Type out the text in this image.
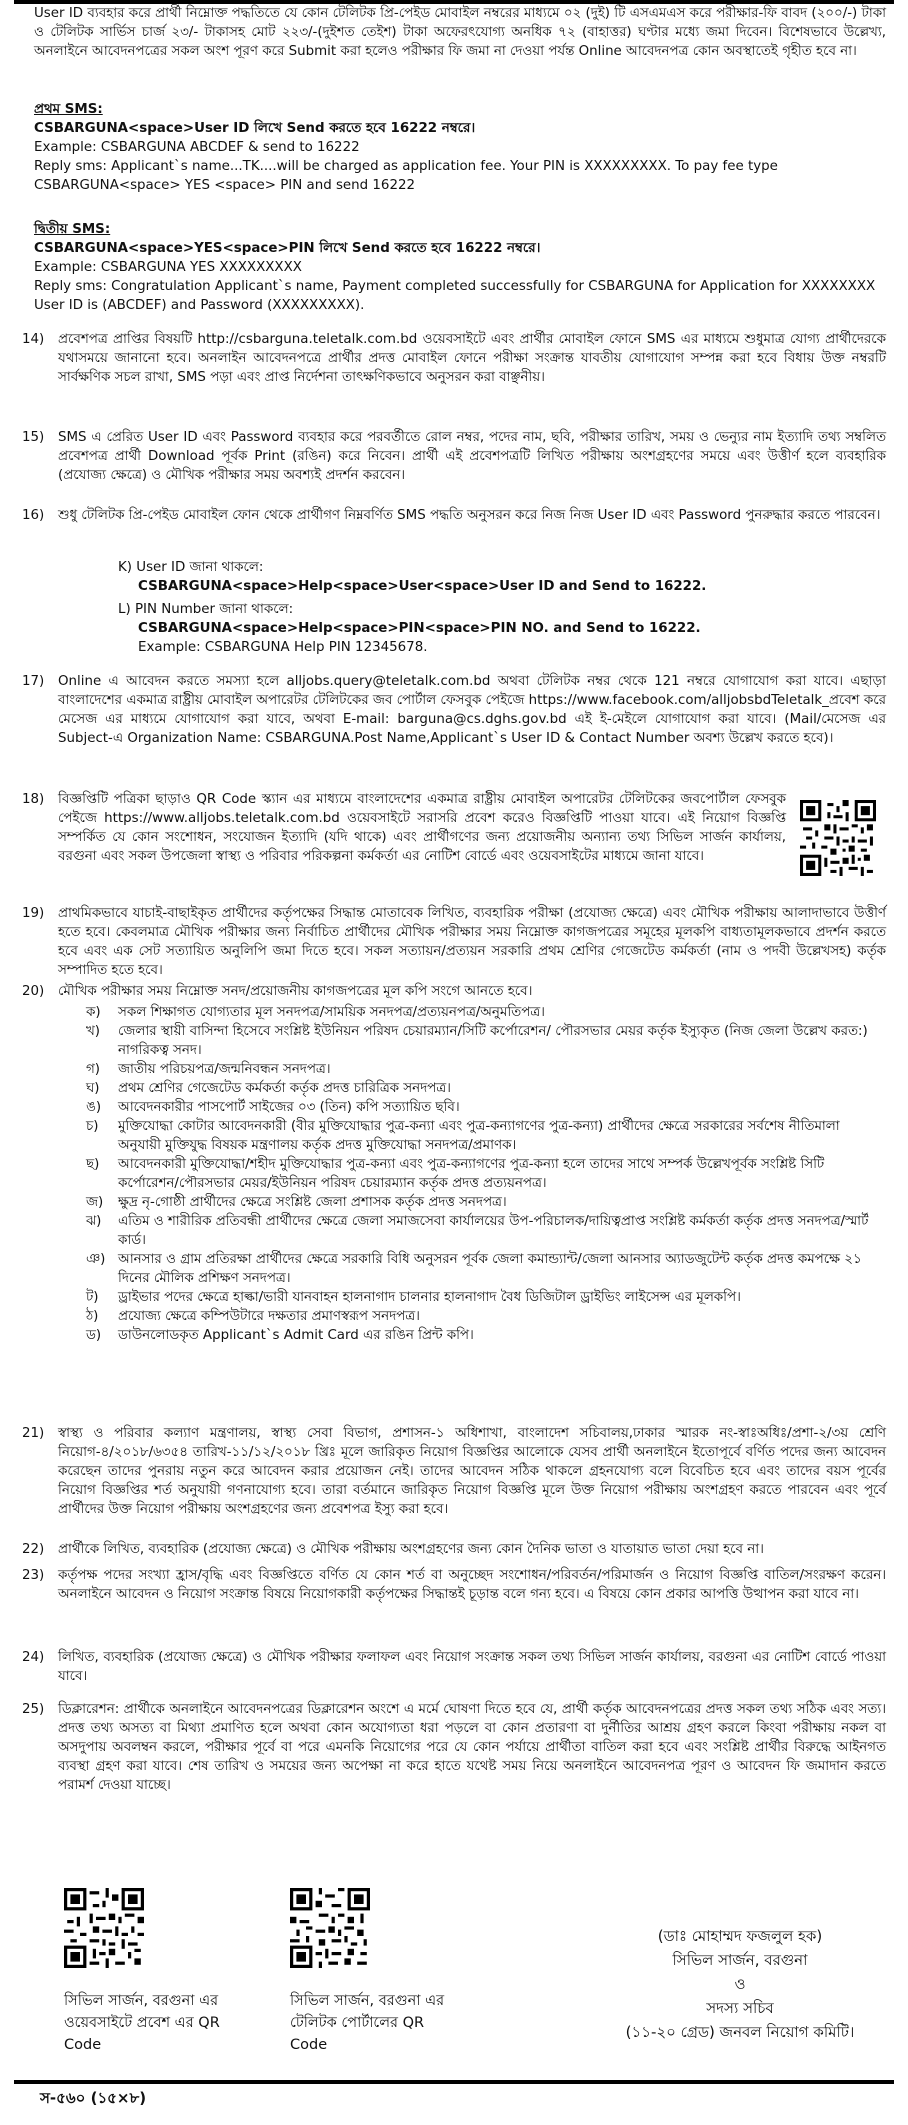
User ID ব্যবহার করে প্রার্থী নিম্নোক্ত পদ্ধতিতে যে কোন টেলিটক প্রি-পেইড মোবাইল নম্বরের মাধ্যমে ০২ (দুই) টি এসএমএস করে পরীক্ষার-ফি বাবদ (২০০/-) টাকা ও টেলিটক সার্ভিস চার্জ ২৩/- টাকাসহ মোট ২২৩/-(দুইশত তেইশ) টাকা অফেরৎযোগ্য অনধিক ৭২ (বাহাত্তর) ঘণ্টার মধ্যে জমা দিবেন। বিশেষভাবে উল্লেখ্য, অনলাইনে আবেদনপত্রের সকল অংশ পূরণ করে Submit করা হলেও পরীক্ষার ফি জমা না দেওয়া পর্যন্ত Online আবেদনপত্র কোন অবস্থাতেই গৃহীত হবে না।

প্রথম SMS:

CSBARGUNA<space>User ID লিখে Send করতে হবে 16222 নম্বরে।

Example: CSBARGUNA ABCDEF & send to 16222

Reply sms: Applicant`s name...TK....will be charged as application fee. Your PIN is XXXXXXXXX. To pay fee type CSBARGUNA<space> YES <space> PIN and send 16222

দ্বিতীয় SMS:

CSBARGUNA<space>YES<space>PIN লিখে Send করতে হবে 16222 নম্বরে।

Example: CSBARGUNA YES XXXXXXXXX

Reply sms: Congratulation Applicant`s name, Payment completed successfully for CSBARGUNA for Application for XXXXXXXX User ID is (ABCDEF) and Password (XXXXXXXXX).

14) প্রবেশপত্র প্রাপ্তির বিষয়টি http://csbarguna.teletalk.com.bd ওয়েবসাইটে এবং প্রার্থীর মোবাইল ফোনে SMS এর মাধ্যমে শুধুমাত্র যোগ্য প্রার্থীদেরকে যথাসময়ে জানানো হবে। অনলাইন আবেদনপত্রে প্রার্থীর প্রদত্ত মোবাইল ফোনে পরীক্ষা সংক্রান্ত যাবতীয় যোগাযোগ সম্পন্ন করা হবে বিধায় উক্ত নম্বরটি সার্বক্ষণিক সচল রাখা, SMS পড়া এবং প্রাপ্ত নির্দেশনা তাৎক্ষণিকভাবে অনুসরন করা বাঞ্ছনীয়।
15) SMS এ প্রেরিত User ID এবং Password ব্যবহার করে পরবর্তীতে রোল নম্বর, পদের নাম, ছবি, পরীক্ষার তারিখ, সময় ও ভেন্যুর নাম ইত্যাদি তথ্য সম্বলিত প্রবেশপত্র প্রার্থী Download পূর্বক Print (রঙিন) করে নিবেন। প্রার্থী এই প্রবেশপত্রটি লিখিত পরীক্ষায় অংশগ্রহণের সময়ে এবং উত্তীর্ণ হলে ব্যবহারিক (প্রযোজ্য ক্ষেত্রে) ও মৌখিক পরীক্ষার সময় অবশ্যই প্রদর্শন করবেন।
16) শুধু টেলিটক প্রি-পেইড মোবাইল ফোন থেকে প্রার্থীগণ নিম্নবর্ণিত SMS পদ্ধতি অনুসরন করে নিজ নিজ User ID এবং Password পুনরুদ্ধার করতে পারবেন।
K) User ID জানা থাকলে:
CSBARGUNA<space>Help<space>User<space>User ID and Send to 16222.
L) PIN Number জানা থাকলে:
CSBARGUNA<space>Help<space>PIN<space>PIN NO. and Send to 16222.
Example: CSBARGUNA Help PIN 12345678.
17) Online এ আবেদন করতে সমস্যা হলে alljobs.query@teletalk.com.bd অথবা টেলিটক নম্বর থেকে 121 নম্বরে যোগাযোগ করা যাবে। এছাড়া বাংলাদেশের একমাত্র রাষ্ট্রীয় মোবাইল অপারেটর টেলিটকের জব পোর্টাল ফেসবুক পেইজে https://www.facebook.com/alljobsbdTeletalk_প্রবেশ করে মেসেজ এর মাধ্যমে যোগাযোগ করা যাবে, অথবা E-mail: barguna@cs.dghs.gov.bd এই ই-মেইলে যোগাযোগ করা যাবে। (Mail/মেসেজ এর Subject-এ Organization Name: CSBARGUNA.Post Name,Applicant`s User ID & Contact Number অবশ্য উল্লেখ করতে হবে)।
18) বিজ্ঞপ্তিটি পত্রিকা ছাড়াও QR Code স্ক্যান এর মাধ্যমে বাংলাদেশের একমাত্র রাষ্ট্রীয় মোবাইল অপারেটর টেলিটকের জবপোর্টাল ফেসবুক পেইজে https://www.alljobs.teletalk.com.bd ওয়েবসাইটে সরাসরি প্রবেশ করেও বিজ্ঞপ্তিটি পাওয়া যাবে। এই নিয়োগ বিজ্ঞপ্তি সম্পর্কিত যে কোন সংশোধন, সংযোজন ইত্যাদি (যদি থাকে) এবং প্রার্থীগণের জন্য প্রয়োজনীয় অন্যান্য তথ্য সিভিল সার্জন কার্যালয়, বরগুনা এবং সকল উপজেলা স্বাস্থ্য ও পরিবার পরিকল্পনা কর্মকর্তা এর নোটিশ বোর্ডে এবং ওয়েবসাইটের মাধ্যমে জানা যাবে।
19) প্রাথমিকভাবে যাচাই-বাছাইকৃত প্রার্থীদের কর্তৃপক্ষের সিদ্ধান্ত মোতাবেক লিখিত, ব্যবহারিক পরীক্ষা (প্রযোজ্য ক্ষেত্রে) এবং মৌখিক পরীক্ষায় আলাদাভাবে উত্তীর্ণ হতে হবে। কেবলমাত্র মৌখিক পরীক্ষার জন্য নির্বাচিত প্রার্থীদের মৌখিক পরীক্ষার সময় নিম্নোক্ত কাগজপত্রের সমূহের মূলকপি বাধ্যতামূলকভাবে প্রদর্শন করতে হবে এবং এক সেট সত্যায়িত অনুলিপি জমা দিতে হবে। সকল সত্যায়ন/প্রত্যয়ন সরকারি প্রথম শ্রেণির গেজেটেড কর্মকর্তা (নাম ও পদবী উল্লেখসহ) কর্তৃক সম্পাদিত হতে হবে।
20) মৌখিক পরীক্ষার সময় নিম্নোক্ত সনদ/প্রয়োজনীয় কাগজপত্রের মূল কপি সংগে আনতে হবে।
ক) সকল শিক্ষাগত যোগ্যতার মূল সনদপত্র/সাময়িক সনদপত্র/প্রত্যয়নপত্র/অনুমতিপত্র।
খ) জেলার স্থায়ী বাসিন্দা হিসেবে সংশ্লিষ্ট ইউনিয়ন পরিষদ চেয়ারম্যান/সিটি কর্পোরেশন/ পৌরসভার মেয়র কর্তৃক ইস্যুকৃত (নিজ জেলা উল্লেখ করত:) নাগরিকত্ব সনদ।
গ) জাতীয় পরিচয়পত্র/জন্মনিবন্ধন সনদপত্র।
ঘ) প্রথম শ্রেণির গেজেটেড কর্মকর্তা কর্তৃক প্রদত্ত চারিত্রিক সনদপত্র।
ঙ) আবেদনকারীর পাসপোর্ট সাইজের ০৩ (তিন) কপি সত্যায়িত ছবি।
চ) মুক্তিযোদ্ধা কোটার আবেদনকারী (বীর মুক্তিযোদ্ধার পুত্র-কন্যা এবং পুত্র-কন্যাগণের পুত্র-কন্যা) প্রার্থীদের ক্ষেত্রে সরকারের সর্বশেষ নীতিমালা অনুযায়ী মুক্তিযুদ্ধ বিষয়ক মন্ত্রণালয় কর্তৃক প্রদত্ত মুক্তিযোদ্ধা সনদপত্র/প্রমাণক।
ছ) আবেদনকারী মুক্তিযোদ্ধা/শহীদ মুক্তিযোদ্ধার পুত্র-কন্যা এবং পুত্র-কন্যাগণের পুত্র-কন্যা হলে তাদের সাথে সম্পর্ক উল্লেখপূর্বক সংশ্লিষ্ট সিটি কর্পোরেশন/পৌরসভার মেয়র/ইউনিয়ন পরিষদ চেয়ারম্যান কর্তৃক প্রদত্ত প্রত্যয়নপত্র।
জ) ক্ষুদ্র নৃ-গোষ্ঠী প্রার্থীদের ক্ষেত্রে সংশ্লিষ্ট জেলা প্রশাসক কর্তৃক প্রদত্ত সনদপত্র।
ঝ) এতিম ও শারীরিক প্রতিবন্ধী প্রার্থীদের ক্ষেত্রে জেলা সমাজসেবা কার্যালয়ের উপ-পরিচালক/দায়িত্বপ্রাপ্ত সংশ্লিষ্ট কর্মকর্তা কর্তৃক প্রদত্ত সনদপত্র/স্মার্ট কার্ড।
ঞ) আনসার ও গ্রাম প্রতিরক্ষা প্রার্থীদের ক্ষেত্রে সরকারি বিধি অনুসরন পূর্বক জেলা কমান্ড্যান্ট/জেলা আনসার অ্যাডজুটেন্ট কর্তৃক প্রদত্ত কমপক্ষে ২১ দিনের মৌলিক প্রশিক্ষণ সনদপত্র।
ট) ড্রাইভার পদের ক্ষেত্রে হাল্কা/ভারী যানবাহন হালনাগাদ চালনার হালনাগাদ বৈধ ডিজিটাল ড্রাইভিং লাইসেন্স এর মূলকপি।
ঠ) প্রযোজ্য ক্ষেত্রে কম্পিউটারে দক্ষতার প্রমাণস্বরূপ সনদপত্র।
ড) ডাউনলোডকৃত Applicant`s Admit Card এর রঙিন প্রিন্ট কপি।
21) স্বাস্থ্য ও পরিবার কল্যাণ মন্ত্রণালয়, স্বাস্থ্য সেবা বিভাগ, প্রশাসন-১ অধিশাখা, বাংলাদেশ সচিবালয়,ঢাকার স্মারক নং-স্বাঃঅধিঃ/প্রশা-২/৩য় শ্রেণি নিয়োগ-৪/২০১৮/৬৩৫৪ তারিখ-১১/১২/২০১৮ খ্রিঃ মূলে জারিকৃত নিয়োগ বিজ্ঞপ্তির আলোকে যেসব প্রার্থী অনলাইনে ইতোপূর্বে বর্ণিত পদের জন্য আবেদন করেছেন তাদের পুনরায় নতুন করে আবেদন করার প্রয়োজন নেই। তাদের আবেদন সঠিক থাকলে গ্রহনযোগ্য বলে বিবেচিত হবে এবং তাদের বয়স পূর্বের নিয়োগ বিজ্ঞপ্তির শর্ত অনুযায়ী গণনাযোগ্য হবে। তারা বর্তমানে জারিকৃত নিয়োগ বিজ্ঞপ্তি মূলে উক্ত নিয়োগ পরীক্ষায় অংশগ্রহণ করতে পারবেন এবং পূর্বে প্রার্থীদের উক্ত নিয়োগ পরীক্ষায় অংশগ্রহণের জন্য প্রবেশপত্র ইস্যু করা হবে।
22) প্রার্থীকে লিখিত, ব্যবহারিক (প্রযোজ্য ক্ষেত্রে) ও মৌখিক পরীক্ষায় অংশগ্রহণের জন্য কোন দৈনিক ভাতা ও যাতায়াত ভাতা দেয়া হবে না।
23) কর্তৃপক্ষ পদের সংখ্যা হ্রাস/বৃদ্ধি এবং বিজ্ঞপ্তিতে বর্ণিত যে কোন শর্ত বা অনুচ্ছেদ সংশোধন/পরিবর্তন/পরিমার্জন ও নিয়োগ বিজ্ঞপ্তি বাতিল/সংরক্ষণ করেন। অনলাইনে আবেদন ও নিয়োগ সংক্রান্ত বিষয়ে নিয়োগকারী কর্তৃপক্ষের সিদ্ধান্তই চূড়ান্ত বলে গন্য হবে। এ বিষয়ে কোন প্রকার আপত্তি উত্থাপন করা যাবে না।
24) লিখিত, ব্যবহারিক (প্রযোজ্য ক্ষেত্রে) ও মৌখিক পরীক্ষার ফলাফল এবং নিয়োগ সংক্রান্ত সকল তথ্য সিভিল সার্জন কার্যালয়, বরগুনা এর নোটিশ বোর্ডে পাওয়া যাবে।
25) ডিক্লারেশন: প্রার্থীকে অনলাইনে আবেদনপত্রের ডিক্লারেশন অংশে এ মর্মে ঘোষণা দিতে হবে যে, প্রার্থী কর্তৃক আবেদনপত্রের প্রদত্ত সকল তথ্য সঠিক এবং সত্য। প্রদত্ত তথ্য অসত্য বা মিথ্যা প্রমাণিত হলে অথবা কোন অযোগ্যতা ধরা পড়লে বা কোন প্রতারণা বা দুর্নীতির আশ্রয় গ্রহণ করলে কিংবা পরীক্ষায় নকল বা অসদুপায় অবলম্বন করলে, পরীক্ষার পূর্বে বা পরে এমনকি নিয়োগের পরে যে কোন পর্যায়ে প্রার্থীতা বাতিল করা হবে এবং সংশ্লিষ্ট প্রার্থীর বিরুদ্ধে আইনগত ব্যবস্থা গ্রহণ করা যাবে। শেষ তারিখ ও সময়ের জন্য অপেক্ষা না করে হাতে যথেষ্ট সময় নিয়ে অনলাইনে আবেদনপত্র পূরণ ও আবেদন ফি জমাদান করতে পরামর্শ দেওয়া যাচ্ছে।
সিভিল সার্জন, বরগুনা এর
ওয়েবসাইটে প্রবেশ এর QR
Code
সিভিল সার্জন, বরগুনা এর
টেলিটক পোর্টালের QR
Code
(ডাঃ মোহাম্মদ ফজলুল হক)
সিভিল সার্জন, বরগুনা
ও
সদস্য সচিব
(১১-২০ গ্রেড) জনবল নিয়োগ কমিটি।
স-৫৬০ (১৫×৮)
